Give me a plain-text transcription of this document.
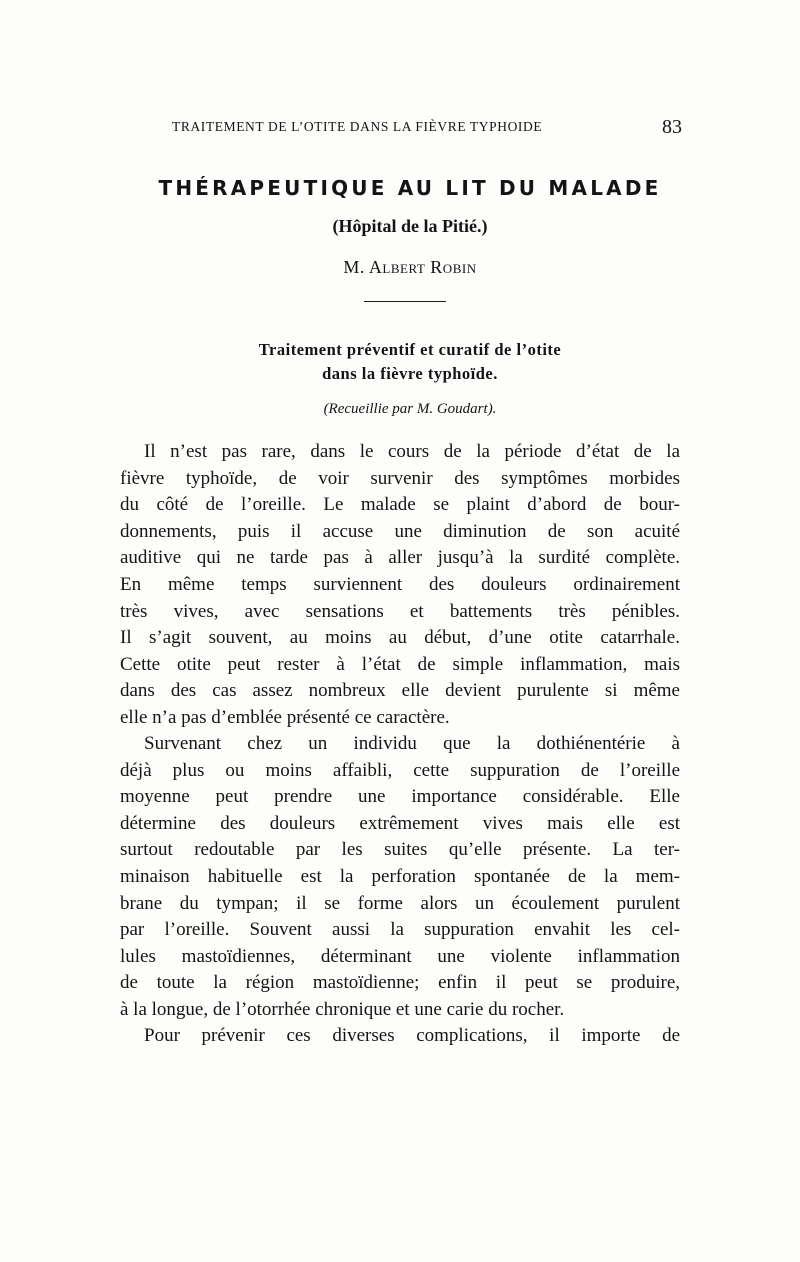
TRAITEMENT DE L’OTITE DANS LA FIÈVRE TYPHOIDE	83
THÉRAPEUTIQUE AU LIT DU MALADE
(Hôpital de la Pitié.)
M. Albert Robin
Traitement préventif et curatif de l’otite
dans la fièvre typhoïde.
(Recueillie par M. Goudart).
Il n’est pas rare, dans le cours de la période d’état de la
fièvre typhoïde, de voir survenir des symptômes morbides
du côté de l’oreille. Le malade se plaint d’abord de bour-
donnements, puis il accuse une diminution de son acuité
auditive qui ne tarde pas à aller jusqu’à la surdité complète.
En même temps surviennent des douleurs ordinairement
très vives, avec sensations et battements très pénibles.
Il s’agit souvent, au moins au début, d’une otite catarrhale.
Cette otite peut rester à l’état de simple inflammation, mais
dans des cas assez nombreux elle devient purulente si même
elle n’a pas d’emblée présenté ce caractère.
Survenant chez un individu que la dothiénentérie à
déjà plus ou moins affaibli, cette suppuration de l’oreille
moyenne peut prendre une importance considérable. Elle
détermine des douleurs extrêmement vives mais elle est
surtout redoutable par les suites qu’elle présente. La ter-
minaison habituelle est la perforation spontanée de la mem-
brane du tympan; il se forme alors un écoulement purulent
par l’oreille. Souvent aussi la suppuration envahit les cel-
lules mastoïdiennes, déterminant une violente inflammation
de toute la région mastoïdienne; enfin il peut se produire,
à la longue, de l’otorrhée chronique et une carie du rocher.
Pour prévenir ces diverses complications, il importe de
